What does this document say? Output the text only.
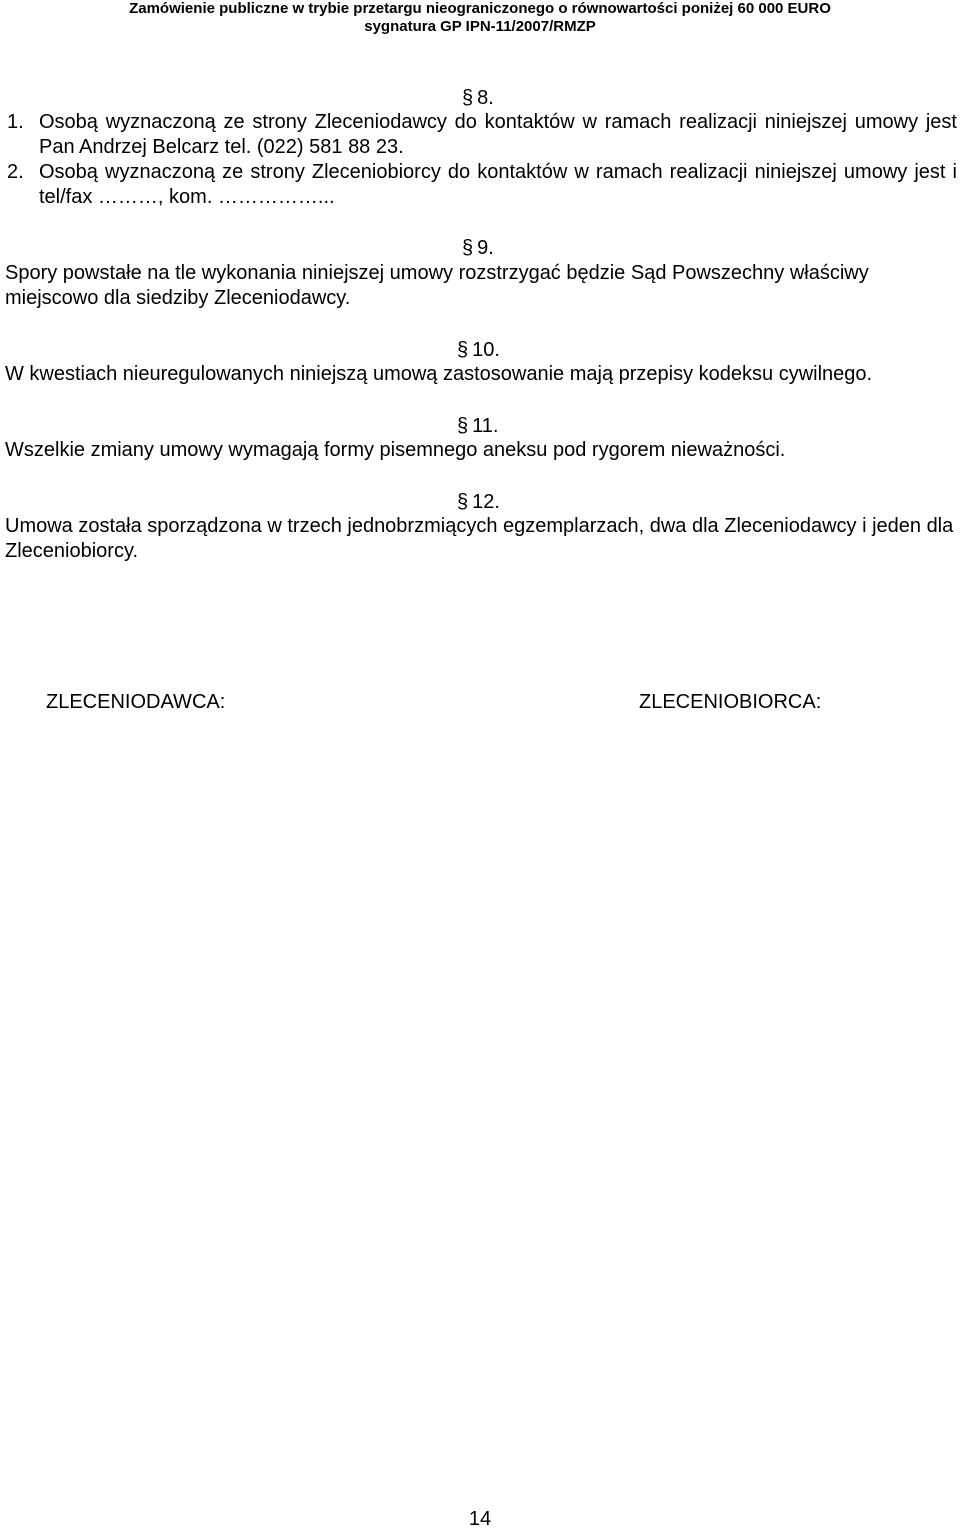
Zamówienie publiczne w trybie przetargu nieograniczonego o równowartości poniżej 60 000 EURO
sygnatura GP IPN-11/2007/RMZP
§ 8.
1. Osobą wyznaczoną ze strony Zleceniodawcy do kontaktów w ramach realizacji niniejszej umowy jest Pan Andrzej Belcarz tel. (022) 581 88 23.
2. Osobą wyznaczoną ze strony Zleceniobiorcy do kontaktów w ramach realizacji niniejszej umowy jest i tel/fax ………, kom. ……………...
§ 9.
Spory powstałe na tle wykonania niniejszej umowy rozstrzygać będzie Sąd Powszechny właściwy miejscowo dla siedziby Zleceniodawcy.
§ 10.
W kwestiach nieuregulowanych niniejszą umową zastosowanie mają przepisy kodeksu cywilnego.
§ 11.
Wszelkie zmiany umowy wymagają formy pisemnego aneksu pod rygorem nieważności.
§ 12.
Umowa została sporządzona w trzech jednobrzmiących egzemplarzach, dwa dla Zleceniodawcy i jeden dla Zleceniobiorcy.
ZLECENIODAWCA:	ZLECENIOBIORCA:
14
